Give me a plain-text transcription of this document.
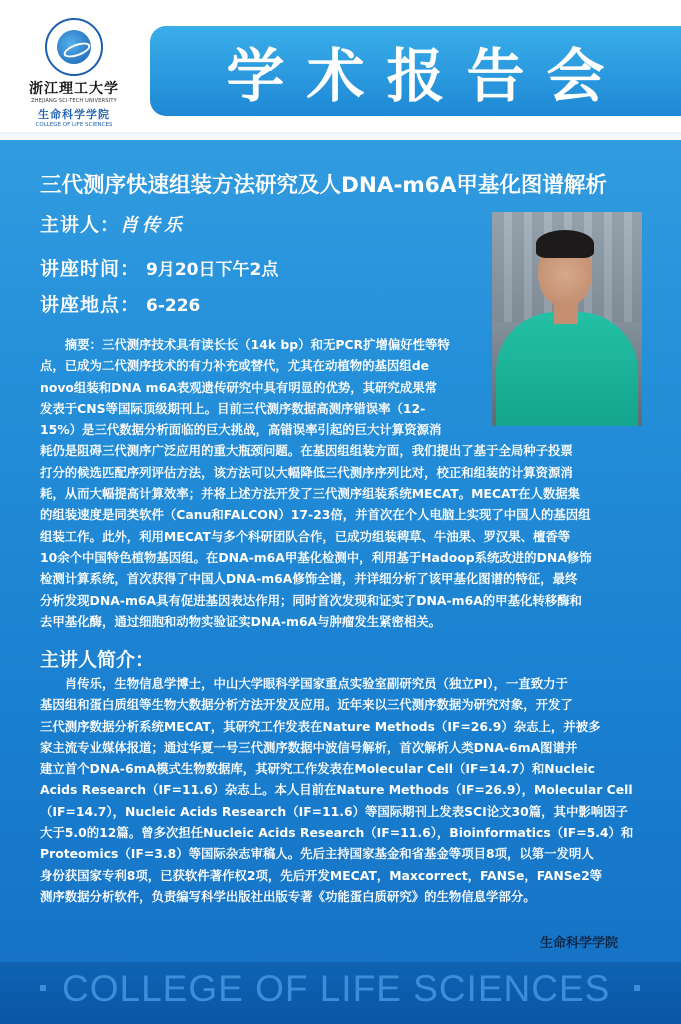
浙江理工大学
ZHEJIANG SCI-TECH UNIVERSITY
生命科学学院
COLLEGE OF LIFE SCIENCES
学术报告会
三代测序快速组装方法研究及人DNA-m6A甲基化图谱解析
主讲人：肖传乐
讲座时间： 9月20日下午2点
讲座地点： 6-226
　　摘要：三代测序技术具有读长长（14k bp）和无PCR扩增偏好性等特
点，已成为二代测序技术的有力补充或替代，尤其在动植物的基因组de
novo组装和DNA m6A表观遗传研究中具有明显的优势，其研究成果常
发表于CNS等国际顶级期刊上。目前三代测序数据高测序错误率（12-
15%）是三代数据分析面临的巨大挑战，高错误率引起的巨大计算资源消
耗仍是阻碍三代测序广泛应用的重大瓶颈问题。在基因组组装方面，我们提出了基于全局种子投票
打分的候选匹配序列评估方法，该方法可以大幅降低三代测序序列比对，校正和组装的计算资源消
耗，从而大幅提高计算效率；并将上述方法开发了三代测序组装系统MECAT。MECAT在人数据集
的组装速度是同类软件（Canu和FALCON）17-23倍，并首次在个人电脑上实现了中国人的基因组
组装工作。此外，利用MECAT与多个科研团队合作，已成功组装稗草、牛油果、罗汉果、檀香等
10余个中国特色植物基因组。在DNA-m6A甲基化检测中，利用基于Hadoop系统改进的DNA修饰
检测计算系统，首次获得了中国人DNA-m6A修饰全谱，并详细分析了该甲基化图谱的特征，最终
分析发现DNA-m6A具有促进基因表达作用；同时首次发现和证实了DNA-m6A的甲基化转移酶和
去甲基化酶，通过细胞和动物实验证实DNA-m6A与肿瘤发生紧密相关。
主讲人简介：
　　肖传乐，生物信息学博士，中山大学眼科学国家重点实验室副研究员（独立PI），一直致力于
基因组和蛋白质组等生物大数据分析方法开发及应用。近年来以三代测序数据为研究对象，开发了
三代测序数据分析系统MECAT，其研究工作发表在Nature Methods（IF=26.9）杂志上，并被多
家主流专业媒体报道；通过华夏一号三代测序数据中波信号解析，首次解析人类DNA-6mA图谱并
建立首个DNA-6mA模式生物数据库，其研究工作发表在Molecular Cell（IF=14.7）和Nucleic
Acids Research（IF=11.6）杂志上。本人目前在Nature Methods（IF=26.9），Molecular Cell
（IF=14.7），Nucleic Acids Research（IF=11.6）等国际期刊上发表SCI论文30篇，其中影响因子
大于5.0的12篇。曾多次担任Nucleic Acids Research（IF=11.6），Bioinformatics（IF=5.4）和
Proteomics（IF=3.8）等国际杂志审稿人。先后主持国家基金和省基金等项目8项，以第一发明人
身份获国家专利8项，已获软件著作权2项，先后开发MECAT，Maxcorrect，FANSe，FANSe2等
测序数据分析软件，负责编写科学出版社出版专著《功能蛋白质研究》的生物信息学部分。
生命科学学院
COLLEGE OF LIFE SCIENCES
